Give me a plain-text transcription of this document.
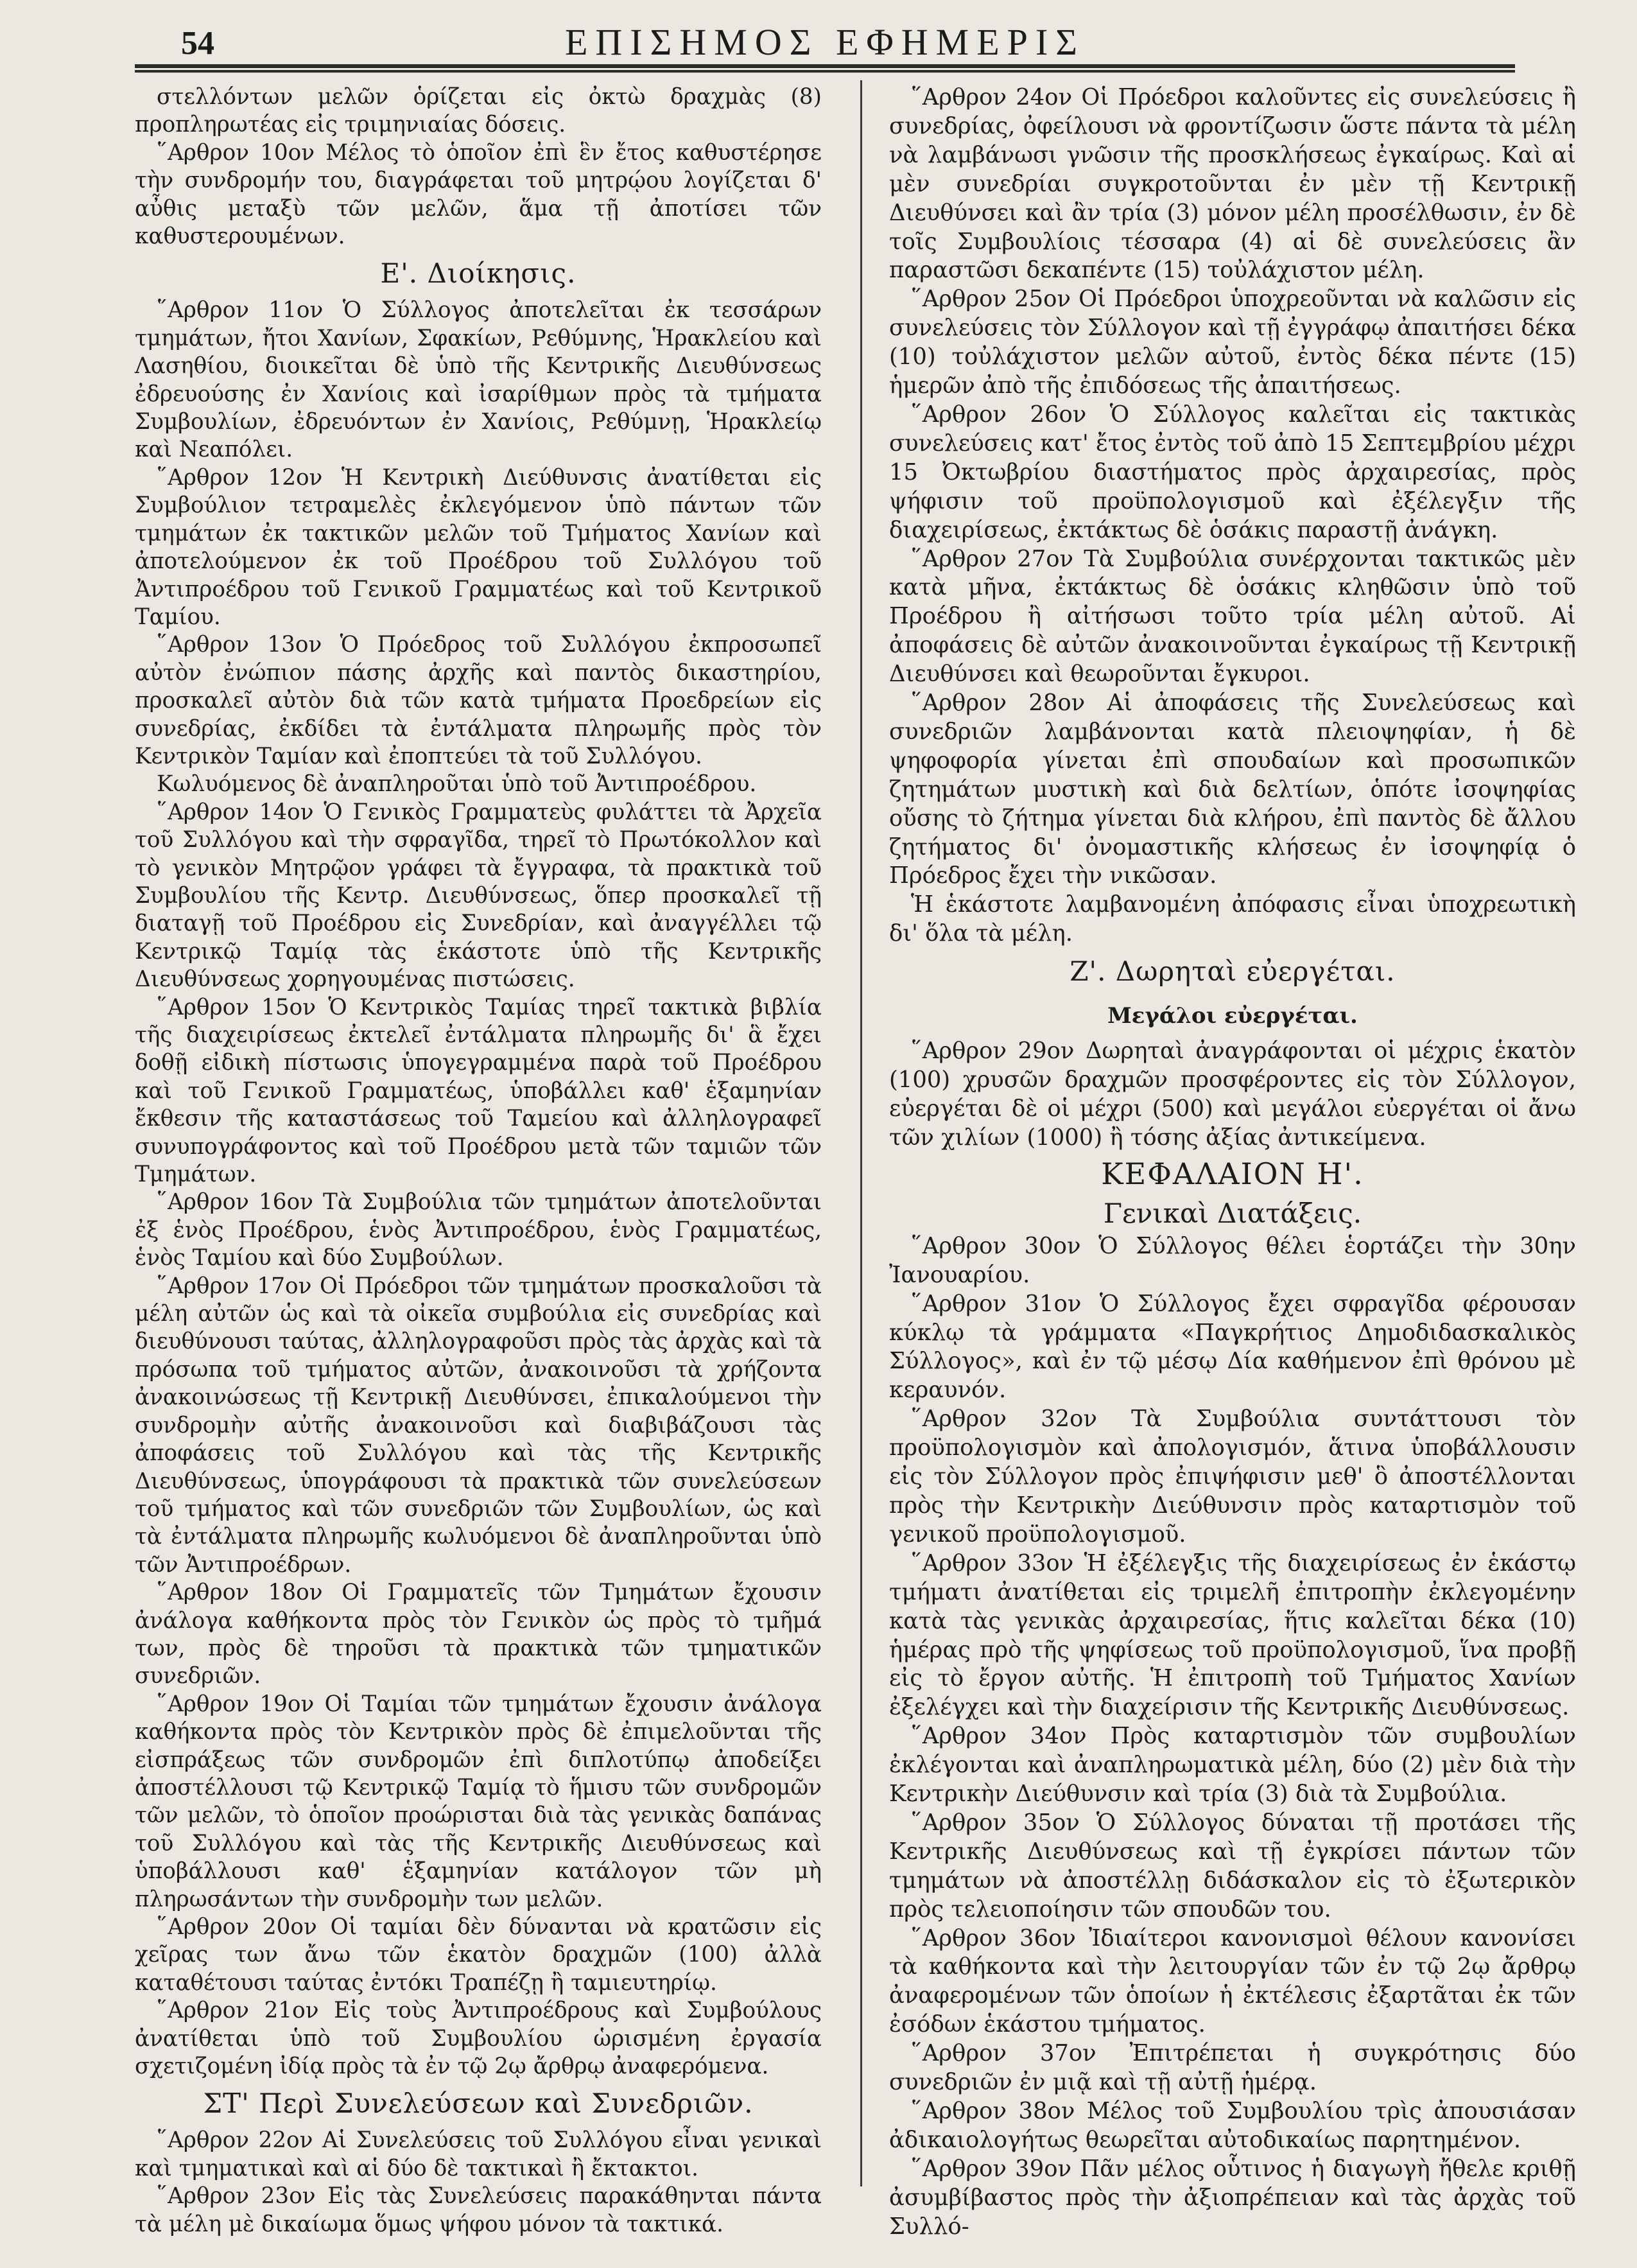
54	ΕΠΙΣΗΜΟΣ ΕΦΗΜΕΡΙΣ

στελλόντων μελῶν ὁρίζεται εἰς ὀκτὼ δραχμὰς (8) προπληρωτέας εἰς τριμηνιαίας δόσεις.

῞Αρθρον 10ον Μέλος τὸ ὁποῖον ἐπὶ ἓν ἔτος καθυστέρησε τὴν συνδρομήν του, διαγράφεται τοῦ μητρῴου λογίζεται δ' αὖθις μεταξὺ τῶν μελῶν, ἅμα τῇ ἀποτίσει τῶν καθυστερουμένων.

Ε'. Διοίκησις.

῞Αρθρον 11ον Ὁ Σύλλογος ἀποτελεῖται ἐκ τεσσάρων τμημάτων, ἤτοι Χανίων, Σφακίων, Ρεθύμνης, Ἡρακλείου καὶ Λασηθίου, διοικεῖται δὲ ὑπὸ τῆς Κεντρικῆς Διευθύνσεως ἐδρευούσης ἐν Χανίοις καὶ ἰσαρίθμων πρὸς τὰ τμήματα Συμβουλίων, ἐδρευόντων ἐν Χανίοις, Ρεθύμνῃ, Ἡρακλείῳ καὶ Νεαπόλει.

῞Αρθρον 12ον Ἡ Κεντρικὴ Διεύθυνσις ἀνατίθεται εἰς Συμβούλιον τετραμελὲς ἐκλεγόμενον ὑπὸ πάντων τῶν τμημάτων ἐκ τακτικῶν μελῶν τοῦ Τμήματος Χανίων καὶ ἀποτελούμενον ἐκ τοῦ Προέδρου τοῦ Συλλόγου τοῦ Ἀντιπροέδρου τοῦ Γενικοῦ Γραμματέως καὶ τοῦ Κεντρικοῦ Ταμίου.

῞Αρθρον 13ον Ὁ Πρόεδρος τοῦ Συλλόγου ἐκπροσωπεῖ αὐτὸν ἐνώπιον πάσης ἀρχῆς καὶ παντὸς δικαστηρίου, προσκαλεῖ αὐτὸν διὰ τῶν κατὰ τμήματα Προεδρείων εἰς συνεδρίας, ἐκδίδει τὰ ἐντάλματα πληρωμῆς πρὸς τὸν Κεντρικὸν Ταμίαν καὶ ἐποπτεύει τὰ τοῦ Συλλόγου.

Κωλυόμενος δὲ ἀναπληροῦται ὑπὸ τοῦ Ἀντιπροέδρου.

῞Αρθρον 14ον Ὁ Γενικὸς Γραμματεὺς φυλάττει τὰ Ἀρχεῖα τοῦ Συλλόγου καὶ τὴν σφραγῖδα, τηρεῖ τὸ Πρωτόκολλον καὶ τὸ γενικὸν Μητρῷον γράφει τὰ ἔγγραφα, τὰ πρακτικὰ τοῦ Συμβουλίου τῆς Κεντρ. Διευθύνσεως, ὅπερ προσκαλεῖ τῇ διαταγῇ τοῦ Προέδρου εἰς Συνεδρίαν, καὶ ἀναγγέλλει τῷ Κεντρικῷ Ταμίᾳ τὰς ἑκάστοτε ὑπὸ τῆς Κεντρικῆς Διευθύνσεως χορηγουμένας πιστώσεις.

῞Αρθρον 15ον Ὁ Κεντρικὸς Ταμίας τηρεῖ τακτικὰ βιβλία τῆς διαχειρίσεως ἐκτελεῖ ἐντάλματα πληρωμῆς δι' ἃ ἔχει δοθῇ εἰδικὴ πίστωσις ὑπογεγραμμένα παρὰ τοῦ Προέδρου καὶ τοῦ Γενικοῦ Γραμματέως, ὑποβάλλει καθ' ἑξαμηνίαν ἔκθεσιν τῆς καταστάσεως τοῦ Ταμείου καὶ ἀλληλογραφεῖ συνυπογράφοντος καὶ τοῦ Προέδρου μετὰ τῶν ταμιῶν τῶν Τμημάτων.

῞Αρθρον 16ον Τὰ Συμβούλια τῶν τμημάτων ἀποτελοῦνται ἐξ ἑνὸς Προέδρου, ἑνὸς Ἀντιπροέδρου, ἑνὸς Γραμματέως, ἑνὸς Ταμίου καὶ δύο Συμβούλων.

῞Αρθρον 17ον Οἱ Πρόεδροι τῶν τμημάτων προσκαλοῦσι τὰ μέλη αὐτῶν ὡς καὶ τὰ οἰκεῖα συμβούλια εἰς συνεδρίας καὶ διευθύνουσι ταύτας, ἀλληλογραφοῦσι πρὸς τὰς ἀρχὰς καὶ τὰ πρόσωπα τοῦ τμήματος αὐτῶν, ἀνακοινοῦσι τὰ χρήζοντα ἀνακοινώσεως τῇ Κεντρικῇ Διευθύνσει, ἐπικαλούμενοι τὴν συνδρομὴν αὐτῆς ἀνακοινοῦσι καὶ διαβιβάζουσι τὰς ἀποφάσεις τοῦ Συλλόγου καὶ τὰς τῆς Κεντρικῆς Διευθύνσεως, ὑπογράφουσι τὰ πρακτικὰ τῶν συνελεύσεων τοῦ τμήματος καὶ τῶν συνεδριῶν τῶν Συμβουλίων, ὡς καὶ τὰ ἐντάλματα πληρωμῆς κωλυόμενοι δὲ ἀναπληροῦνται ὑπὸ τῶν Ἀντιπροέδρων.

῞Αρθρον 18ον Οἱ Γραμματεῖς τῶν Τμημάτων ἔχουσιν ἀνάλογα καθήκοντα πρὸς τὸν Γενικὸν ὡς πρὸς τὸ τμῆμά των, πρὸς δὲ τηροῦσι τὰ πρακτικὰ τῶν τμηματικῶν συνεδριῶν.

῞Αρθρον 19ον Οἱ Ταμίαι τῶν τμημάτων ἔχουσιν ἀνάλογα καθήκοντα πρὸς τὸν Κεντρικὸν πρὸς δὲ ἐπιμελοῦνται τῆς εἰσπράξεως τῶν συνδρομῶν ἐπὶ διπλοτύπῳ ἀποδείξει ἀποστέλλουσι τῷ Κεντρικῷ Ταμίᾳ τὸ ἥμισυ τῶν συνδρομῶν τῶν μελῶν, τὸ ὁποῖον προώρισται διὰ τὰς γενικὰς δαπάνας τοῦ Συλλόγου καὶ τὰς τῆς Κεντρικῆς Διευθύνσεως καὶ ὑποβάλλουσι καθ' ἑξαμηνίαν κατάλογον τῶν μὴ πληρωσάντων τὴν συνδρομὴν των μελῶν.

῞Αρθρον 20ον Οἱ ταμίαι δὲν δύνανται νὰ κρατῶσιν εἰς χεῖρας των ἄνω τῶν ἑκατὸν δραχμῶν (100) ἀλλὰ καταθέτουσι ταύτας ἐντόκι Τραπέζῃ ἢ ταμιευτηρίῳ.

῞Αρθρον 21ον Εἰς τοὺς Ἀντιπροέδρους καὶ Συμβούλους ἀνατίθεται ὑπὸ τοῦ Συμβουλίου ὡρισμένη ἐργασία σχετιζομένη ἰδίᾳ πρὸς τὰ ἐν τῷ 2ῳ ἄρθρῳ ἀναφερόμενα.

ΣΤ' Περὶ Συνελεύσεων καὶ Συνεδριῶν.

῞Αρθρον 22ον Αἱ Συνελεύσεις τοῦ Συλλόγου εἶναι γενικαὶ καὶ τμηματικαὶ καὶ αἱ δύο δὲ τακτικαὶ ἢ ἔκτακτοι.

῞Αρθρον 23ον Εἰς τὰς Συνελεύσεις παρακάθηνται πάντα τὰ μέλη μὲ δικαίωμα ὅμως ψήφου μόνον τὰ τακτικά.

῞Αρθρον 24ον Οἱ Πρόεδροι καλοῦντες εἰς συνελεύσεις ἢ συνεδρίας, ὀφείλουσι νὰ φροντίζωσιν ὥστε πάντα τὰ μέλη νὰ λαμβάνωσι γνῶσιν τῆς προσκλήσεως ἐγκαίρως. Καὶ αἱ μὲν συνεδρίαι συγκροτοῦνται ἐν μὲν τῇ Κεντρικῇ Διευθύνσει καὶ ἂν τρία (3) μόνον μέλη προσέλθωσιν, ἐν δὲ τοῖς Συμβουλίοις τέσσαρα (4) αἱ δὲ συνελεύσεις ἂν παραστῶσι δεκαπέντε (15) τοὐλάχιστον μέλη.

῞Αρθρον 25ον Οἱ Πρόεδροι ὑποχρεοῦνται νὰ καλῶσιν εἰς συνελεύσεις τὸν Σύλλογον καὶ τῇ ἐγγράφῳ ἀπαιτήσει δέκα (10) τοὐλάχιστον μελῶν αὐτοῦ, ἐντὸς δέκα πέντε (15) ἡμερῶν ἀπὸ τῆς ἐπιδόσεως τῆς ἀπαιτήσεως.

῞Αρθρον 26ον Ὁ Σύλλογος καλεῖται εἰς τακτικὰς συνελεύσεις κατ' ἔτος ἐντὸς τοῦ ἀπὸ 15 Σεπτεμβρίου μέχρι 15 Ὀκτωβρίου διαστήματος πρὸς ἀρχαιρεσίας, πρὸς ψήφισιν τοῦ προϋπολογισμοῦ καὶ ἐξέλεγξιν τῆς διαχειρίσεως, ἐκτάκτως δὲ ὁσάκις παραστῇ ἀνάγκη.

῞Αρθρον 27ον Τὰ Συμβούλια συνέρχονται τακτικῶς μὲν κατὰ μῆνα, ἐκτάκτως δὲ ὁσάκις κληθῶσιν ὑπὸ τοῦ Προέδρου ἢ αἰτήσωσι τοῦτο τρία μέλη αὐτοῦ. Αἱ ἀποφάσεις δὲ αὐτῶν ἀνακοινοῦνται ἐγκαίρως τῇ Κεντρικῇ Διευθύνσει καὶ θεωροῦνται ἔγκυροι.

῞Αρθρον 28ον Αἱ ἀποφάσεις τῆς Συνελεύσεως καὶ συνεδριῶν λαμβάνονται κατὰ πλειοψηφίαν, ἡ δὲ ψηφοφορία γίνεται ἐπὶ σπουδαίων καὶ προσωπικῶν ζητημάτων μυστικὴ καὶ διὰ δελτίων, ὁπότε ἰσοψηφίας οὔσης τὸ ζήτημα γίνεται διὰ κλήρου, ἐπὶ παντὸς δὲ ἄλλου ζητήματος δι' ὀνομαστικῆς κλήσεως ἐν ἰσοψηφίᾳ ὁ Πρόεδρος ἔχει τὴν νικῶσαν.

Ἡ ἑκάστοτε λαμβανομένη ἀπόφασις εἶναι ὑποχρεωτικὴ δι' ὅλα τὰ μέλη.

Ζ'. Δωρηταὶ εὐεργέται.

Μεγάλοι εὐεργέται.

῞Αρθρον 29ον Δωρηταὶ ἀναγράφονται οἱ μέχρις ἑκατὸν (100) χρυσῶν δραχμῶν προσφέροντες εἰς τὸν Σύλλογον, εὐεργέται δὲ οἱ μέχρι (500) καὶ μεγάλοι εὐεργέται οἱ ἄνω τῶν χιλίων (1000) ἢ τόσης ἀξίας ἀντικείμενα.

ΚΕΦΑΛΑΙΟΝ Η'.

Γενικαὶ Διατάξεις.

῞Αρθρον 30ον Ὁ Σύλλογος θέλει ἑορτάζει τὴν 30ην Ἰανουαρίου.

῞Αρθρον 31ον Ὁ Σύλλογος ἔχει σφραγῖδα φέρουσαν κύκλῳ τὰ γράμματα «Παγκρήτιος Δημοδιδασκαλικὸς Σύλλογος», καὶ ἐν τῷ μέσῳ Δία καθήμενον ἐπὶ θρόνου μὲ κεραυνόν.

῞Αρθρον 32ον Τὰ Συμβούλια συντάττουσι τὸν προϋπολογισμὸν καὶ ἀπολογισμόν, ἅτινα ὑποβάλλουσιν εἰς τὸν Σύλλογον πρὸς ἐπιψήφισιν μεθ' ὃ ἀποστέλλονται πρὸς τὴν Κεντρικὴν Διεύθυνσιν πρὸς καταρτισμὸν τοῦ γενικοῦ προϋπολογισμοῦ.

῞Αρθρον 33ον Ἡ ἐξέλεγξις τῆς διαχειρίσεως ἐν ἑκάστῳ τμήματι ἀνατίθεται εἰς τριμελῆ ἐπιτροπὴν ἐκλεγομένην κατὰ τὰς γενικὰς ἀρχαιρεσίας, ἥτις καλεῖται δέκα (10) ἡμέρας πρὸ τῆς ψηφίσεως τοῦ προϋπολογισμοῦ, ἵνα προβῇ εἰς τὸ ἔργον αὐτῆς. Ἡ ἐπιτροπὴ τοῦ Τμήματος Χανίων ἐξελέγχει καὶ τὴν διαχείρισιν τῆς Κεντρικῆς Διευθύνσεως.

῞Αρθρον 34ον Πρὸς καταρτισμὸν τῶν συμβουλίων ἐκλέγονται καὶ ἀναπληρωματικὰ μέλη, δύο (2) μὲν διὰ τὴν Κεντρικὴν Διεύθυνσιν καὶ τρία (3) διὰ τὰ Συμβούλια.

῞Αρθρον 35ον Ὁ Σύλλογος δύναται τῇ προτάσει τῆς Κεντρικῆς Διευθύνσεως καὶ τῇ ἐγκρίσει πάντων τῶν τμημάτων νὰ ἀποστέλλῃ διδάσκαλον εἰς τὸ ἐξωτερικὸν πρὸς τελειοποίησιν τῶν σπουδῶν του.

῞Αρθρον 36ον Ἰδιαίτεροι κανονισμοὶ θέλουν κανονίσει τὰ καθήκοντα καὶ τὴν λειτουργίαν τῶν ἐν τῷ 2ῳ ἄρθρῳ ἀναφερομένων τῶν ὁποίων ἡ ἐκτέλεσις ἐξαρτᾶται ἐκ τῶν ἐσόδων ἑκάστου τμήματος.

῞Αρθρον 37ον Ἐπιτρέπεται ἡ συγκρότησις δύο συνεδριῶν ἐν μιᾷ καὶ τῇ αὐτῇ ἡμέρᾳ.

῞Αρθρον 38ον Μέλος τοῦ Συμβουλίου τρὶς ἀπουσιάσαν ἀδικαιολογήτως θεωρεῖται αὐτοδικαίως παρητημένον.

῞Αρθρον 39ον Πᾶν μέλος οὗτινος ἡ διαγωγὴ ἤθελε κριθῇ ἀσυμβίβαστος πρὸς τὴν ἀξιοπρέπειαν καὶ τὰς ἀρχὰς τοῦ Συλλό-
